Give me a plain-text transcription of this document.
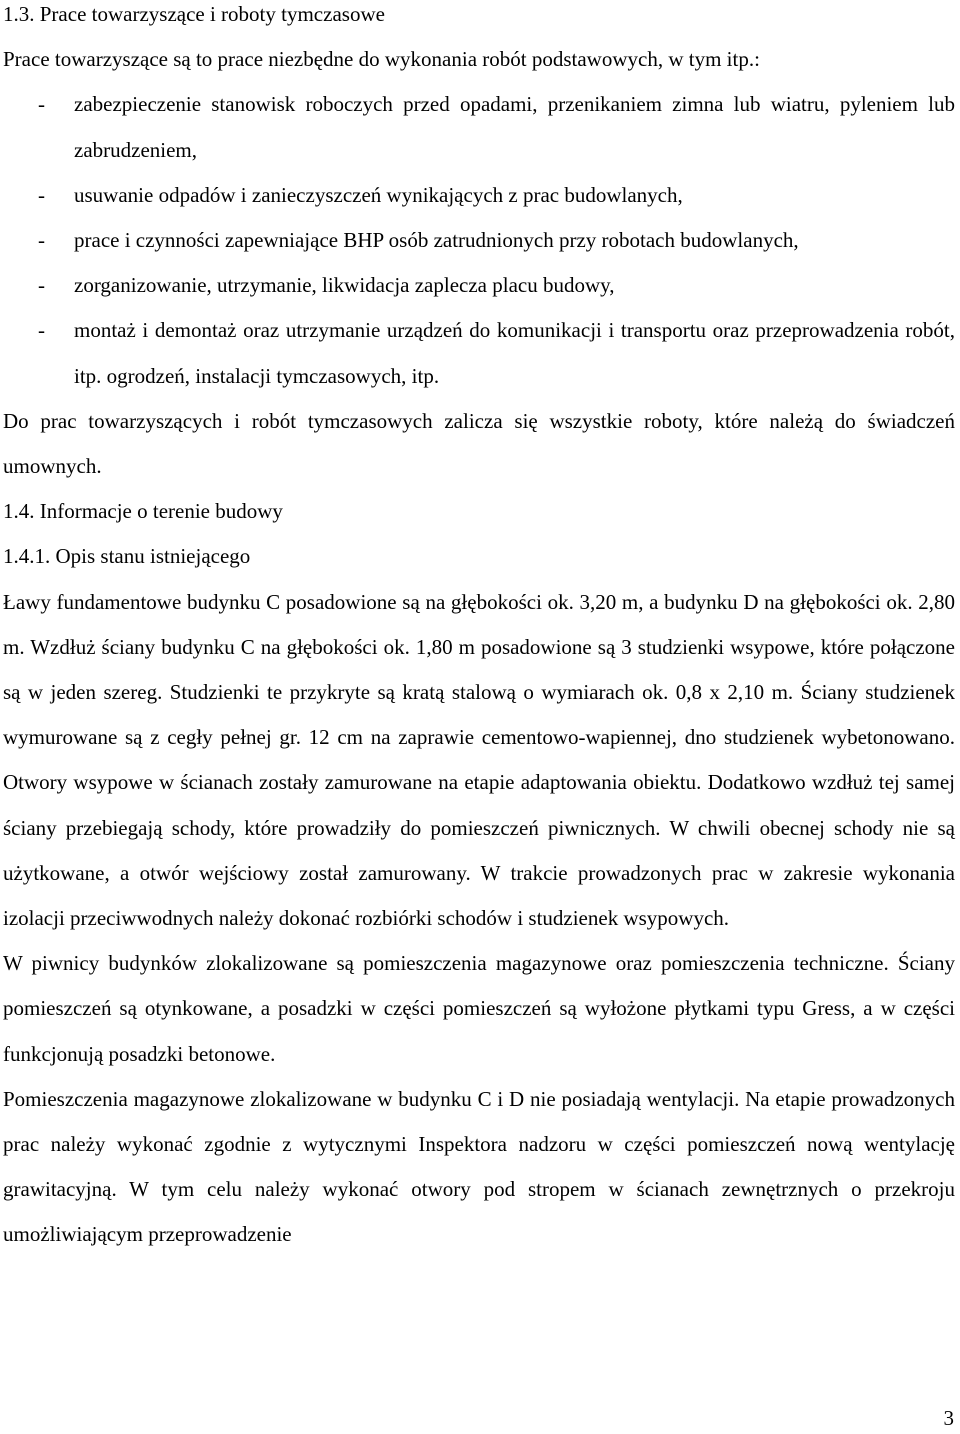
1.3. Prace towarzyszące i roboty tymczasowe

Prace towarzyszące są to prace niezbędne do wykonania robót podstawowych, w tym itp.:

- zabezpieczenie stanowisk roboczych przed opadami, przenikaniem zimna lub wiatru, pyleniem lub zabrudzeniem,

- usuwanie odpadów i zanieczyszczeń wynikających z prac budowlanych,

- prace i czynności zapewniające BHP osób zatrudnionych przy robotach budowlanych,

- zorganizowanie, utrzymanie, likwidacja zaplecza placu budowy,

- montaż i demontaż oraz utrzymanie urządzeń do komunikacji i transportu oraz przeprowadzenia robót, itp. ogrodzeń, instalacji tymczasowych, itp.

Do prac towarzyszących i robót tymczasowych zalicza się wszystkie roboty, które należą do świadczeń umownych.

1.4. Informacje o terenie budowy

1.4.1. Opis stanu istniejącego

Ławy fundamentowe budynku C posadowione są na głębokości ok. 3,20 m, a budynku D na głębokości ok. 2,80 m. Wzdłuż ściany budynku C na głębokości ok. 1,80 m posadowione są 3 studzienki wsypowe, które połączone są w jeden szereg. Studzienki te przykryte są kratą stalową o wymiarach ok. 0,8 x 2,10 m. Ściany studzienek wymurowane są z cegły pełnej gr. 12 cm na zaprawie cementowo-wapiennej, dno studzienek wybetonowano. Otwory wsypowe w ścianach zostały zamurowane na etapie adaptowania obiektu. Dodatkowo wzdłuż tej samej ściany przebiegają schody, które prowadziły do pomieszczeń piwnicznych. W chwili obecnej schody nie są użytkowane, a otwór wejściowy został zamurowany. W trakcie prowadzonych prac w zakresie wykonania izolacji przeciwwodnych należy dokonać rozbiórki schodów i studzienek wsypowych.

W piwnicy budynków zlokalizowane są pomieszczenia magazynowe oraz pomieszczenia techniczne. Ściany pomieszczeń są otynkowane, a posadzki w części pomieszczeń są wyłożone płytkami typu Gress, a w części funkcjonują posadzki betonowe.

Pomieszczenia magazynowe zlokalizowane w budynku C i D nie posiadają wentylacji. Na etapie prowadzonych prac należy wykonać zgodnie z wytycznymi Inspektora nadzoru w części pomieszczeń nową wentylację grawitacyjną. W tym celu należy wykonać otwory pod stropem w ścianach zewnętrznych o przekroju umożliwiającym przeprowadzenie

3
